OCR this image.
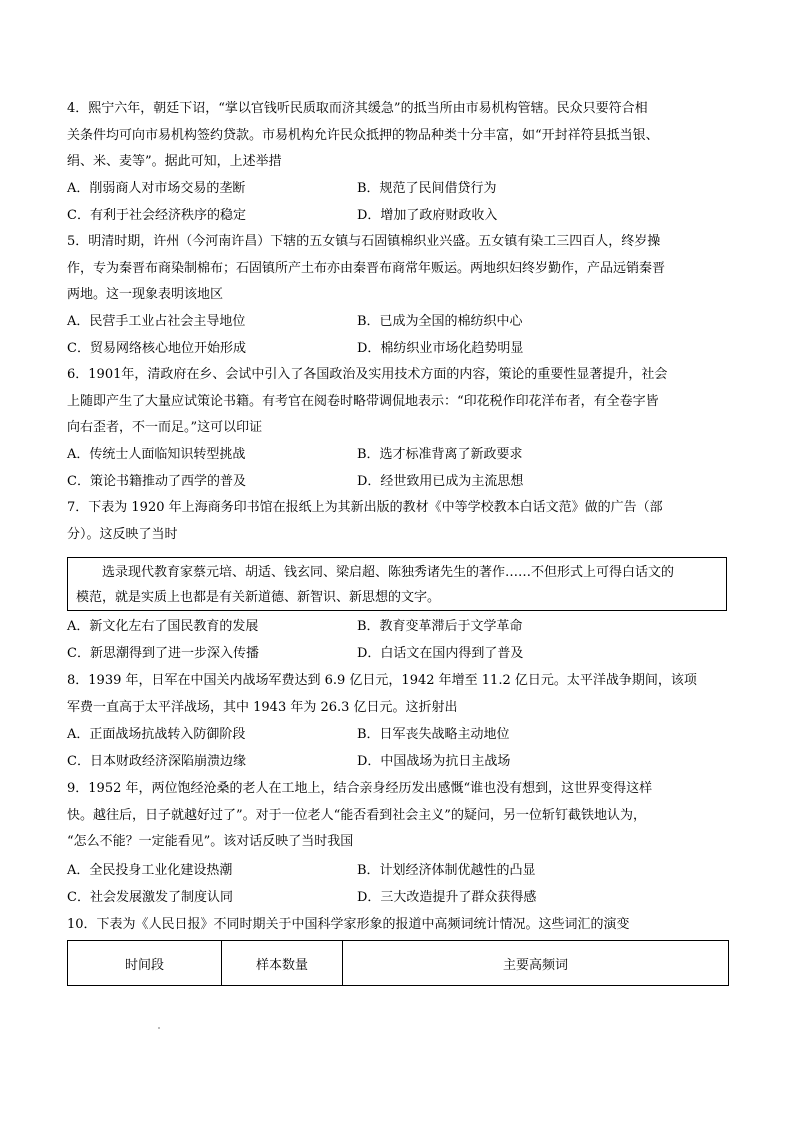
4．熙宁六年，朝廷下诏，“掌以官钱听民质取而济其缓急”的抵当所由市易机构管辖。民众只要符合相

关条件均可向市易机构签约贷款。市易机构允许民众抵押的物品种类十分丰富，如“开封祥符县抵当银、

绢、米、麦等”。据此可知，上述举措

A．削弱商人对市场交易的垄断	B．规范了民间借贷行为
C．有利于社会经济秩序的稳定	D．增加了政府财政收入

5．明清时期，许州（今河南许昌）下辖的五女镇与石固镇棉织业兴盛。五女镇有染工三四百人，终岁操

作，专为秦晋布商染制棉布；石固镇所产土布亦由秦晋布商常年贩运。两地织妇终岁勤作，产品远销秦晋

两地。这一现象表明该地区

A．民营手工业占社会主导地位	B．已成为全国的棉纺织中心
C．贸易网络核心地位开始形成	D．棉纺织业市场化趋势明显

6．1901年，清政府在乡、会试中引入了各国政治及实用技术方面的内容，策论的重要性显著提升，社会

上随即产生了大量应试策论书籍。有考官在阅卷时略带调侃地表示：“印花税作印花洋布者，有全卷字皆

向右歪者，不一而足。”这可以印证

A．传统士人面临知识转型挑战	B．选才标准背离了新政要求
C．策论书籍推动了西学的普及	D．经世致用已成为主流思想

7．下表为 1920 年上海商务印书馆在报纸上为其新出版的教材《中等学校教本白话文范》做的广告（部

分）。这反映了当时

选录现代教育家蔡元培、胡适、钱玄同、梁启超、陈独秀诸先生的著作……不但形式上可得白话文的

模范，就是实质上也都是有关新道德、新智识、新思想的文字。

A．新文化左右了国民教育的发展	B．教育变革滞后于文学革命
C．新思潮得到了进一步深入传播	D．白话文在国内得到了普及

8．1939 年，日军在中国关内战场军费达到 6.9 亿日元，1942 年增至 11.2 亿日元。太平洋战争期间，该项

军费一直高于太平洋战场，其中 1943 年为 26.3 亿日元。这折射出

A．正面战场抗战转入防御阶段	B．日军丧失战略主动地位
C．日本财政经济深陷崩溃边缘	D．中国战场为抗日主战场

9．1952 年，两位饱经沧桑的老人在工地上，结合亲身经历发出感慨“谁也没有想到，这世界变得这样

快。越往后，日子就越好过了”。对于一位老人“能否看到社会主义”的疑问，另一位斩钉截铁地认为，

“怎么不能？一定能看见”。该对话反映了当时我国

A．全民投身工业化建设热潮	B．计划经济体制优越性的凸显
C．社会发展激发了制度认同	D．三大改造提升了群众获得感

10．下表为《人民日报》不同时期关于中国科学家形象的报道中高频词统计情况。这些词汇的演变

时间段	样本数量	主要高频词
